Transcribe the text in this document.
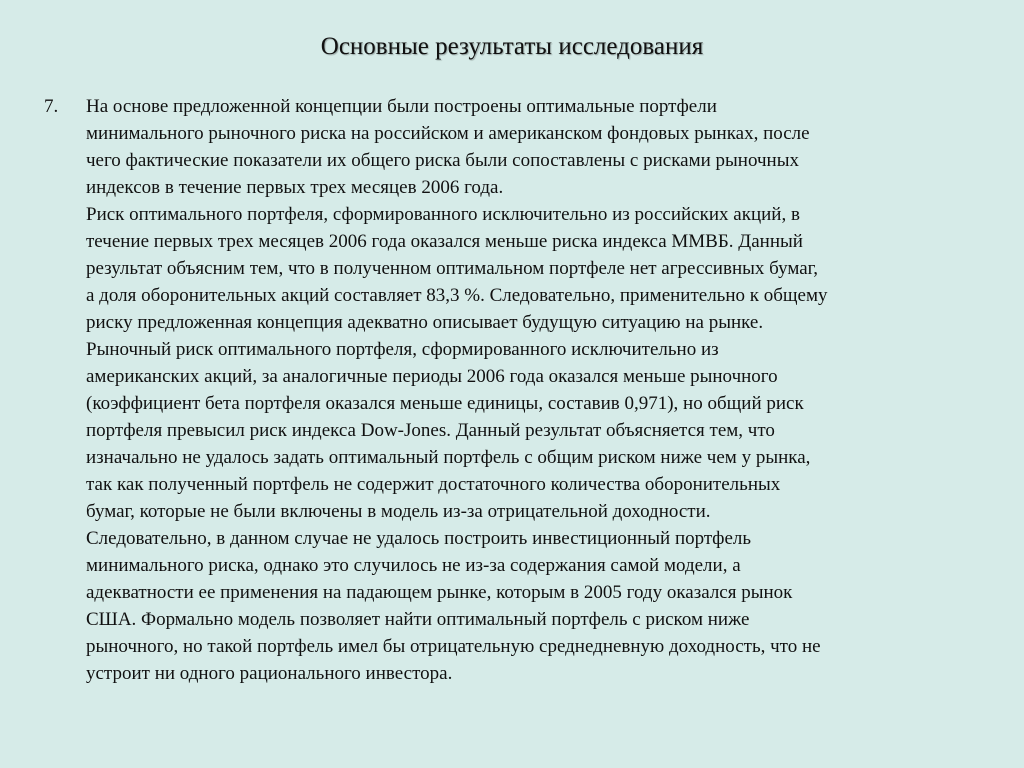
Основные результаты исследования
7.	На основе предложенной концепции были построены оптимальные портфели
минимального рыночного риска на российском и американском фондовых рынках, после
чего фактические показатели их общего риска были сопоставлены с рисками рыночных
индексов в течение первых трех месяцев 2006 года.

Риск оптимального портфеля, сформированного исключительно из российских акций, в
течение первых трех месяцев 2006 года оказался меньше риска индекса ММВБ. Данный
результат объясним тем, что в полученном оптимальном портфеле нет агрессивных бумаг,
а доля оборонительных акций составляет 83,3 %. Следовательно, применительно к общему
риску предложенная концепция адекватно описывает будущую ситуацию на рынке.

Рыночный риск оптимального портфеля, сформированного исключительно из
американских акций, за аналогичные периоды 2006 года оказался меньше рыночного
(коэффициент бета портфеля оказался меньше единицы, составив 0,971), но общий риск
портфеля превысил риск индекса Dow-Jones. Данный результат объясняется тем, что
изначально не удалось задать оптимальный портфель с общим риском ниже чем у рынка,
так как полученный портфель не содержит достаточного количества оборонительных
бумаг, которые не были включены в модель из-за отрицательной доходности.

Следовательно, в данном случае не удалось построить инвестиционный портфель
минимального риска, однако это случилось не из-за содержания самой модели, а
адекватности ее применения на падающем рынке, которым в 2005 году оказался рынок
США. Формально модель позволяет найти оптимальный портфель с риском ниже
рыночного, но такой портфель имел бы отрицательную среднедневную доходность, что не
устроит ни одного рационального инвестора.
